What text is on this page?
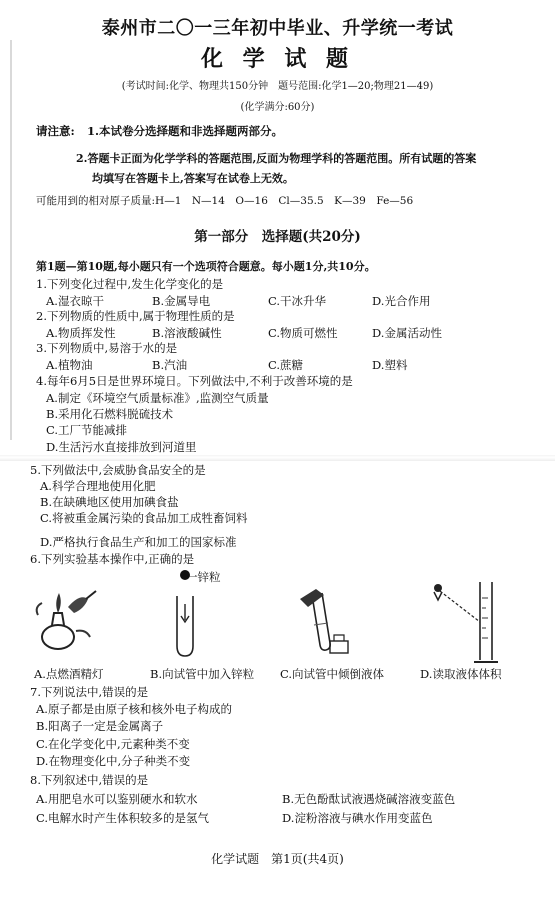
泰州市二〇一三年初中毕业、升学统一考试
化 学 试 题
(考试时间:化学、物理共150分钟　题号范围:化学1—20;物理21—49)
(化学满分:60分)
请注意: 1.本试卷分选择题和非选择题两部分。
2.答题卡正面为化学学科的答题范围,反面为物理学科的答题范围。所有试题的答案
均填写在答题卡上,答案写在试卷上无效。
可能用到的相对原子质量:H—1　N—14　O—16　Cl—35.5　K—39　Fe—56
第一部分　选择题(共20分)
第1题—第10题,每小题只有一个选项符合题意。每小题1分,共10分。
1.下列变化过程中,发生化学变化的是
A.湿衣晾干	B.金属导电	C.干冰升华	D.光合作用
2.下列物质的性质中,属于物理性质的是
A.物质挥发性	B.溶液酸碱性	C.物质可燃性	D.金属活动性
3.下列物质中,易溶于水的是
A.植物油	B.汽油	C.蔗糖	D.塑料
4.每年6月5日是世界环境日。下列做法中,不利于改善环境的是
A.制定《环境空气质量标准》,监测空气质量
B.采用化石燃料脱硫技术
C.工厂节能减排
D.生活污水直接排放到河道里
5.下列做法中,会威胁食品安全的是
A.科学合理地使用化肥
B.在缺碘地区使用加碘食盐
C.将被重金属污染的食品加工成牲畜饲料
D.严格执行食品生产和加工的国家标准
6.下列实验基本操作中,正确的是
一锌粒
A.点燃酒精灯	B.向试管中加入锌粒 C.向试管中倾倒液体	D.读取液体体积
7.下列说法中,错误的是
A.原子都是由原子核和核外电子构成的
B.阳离子一定是金属离子
C.在化学变化中,元素种类不变
D.在物理变化中,分子种类不变
8.下列叙述中,错误的是
A.用肥皂水可以鉴别硬水和软水	B.无色酚酞试液遇烧碱溶液变蓝色
C.电解水时产生体积较多的是氢气	D.淀粉溶液与碘水作用变蓝色
化学试题　第1页(共4页)
